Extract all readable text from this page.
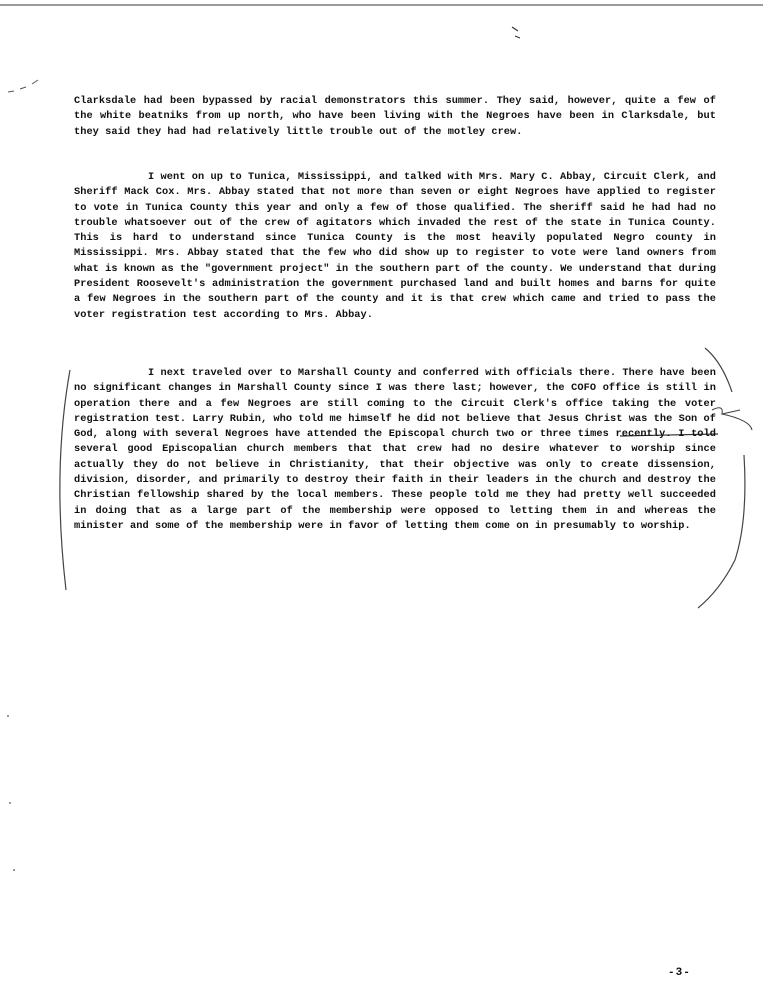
Clarksdale had been bypassed by racial demonstrators this summer. They said, however, quite a few of the white beatniks from up north, who have been living with the Negroes have been in Clarksdale, but they said they had had relatively little trouble out of the motley crew.

I went on up to Tunica, Mississippi, and talked with Mrs. Mary C. Abbay, Circuit Clerk, and Sheriff Mack Cox. Mrs. Abbay stated that not more than seven or eight Negroes have applied to register to vote in Tunica County this year and only a few of those qualified. The sheriff said he had had no trouble whatsoever out of the crew of agitators which invaded the rest of the state in Tunica County. This is hard to understand since Tunica County is the most heavily populated Negro county in Mississippi. Mrs. Abbay stated that the few who did show up to register to vote were land owners from what is known as the "government project" in the southern part of the county. We understand that during President Roosevelt's administration the government purchased land and built homes and barns for quite a few Negroes in the southern part of the county and it is that crew which came and tried to pass the voter registration test according to Mrs. Abbay.

I next traveled over to Marshall County and conferred with officials there. There have been no significant changes in Marshall County since I was there last; however, the COFO office is still in operation there and a few Negroes are still coming to the Circuit Clerk's office taking the voter registration test. Larry Rubin, who told me himself he did not believe that Jesus Christ was the Son of God, along with several Negroes have attended the Episcopal church two or three times recently. I told several good Episcopalian church members that that crew had no desire whatever to worship since actually they do not believe in Christianity, that their objective was only to create dissension, division, disorder, and primarily to destroy their faith in their leaders in the church and destroy the Christian fellowship shared by the local members. These people told me they had pretty well succeeded in doing that as a large part of the membership were opposed to letting them in and whereas the minister and some of the membership were in favor of letting them come on in presumably to worship.

-3-
